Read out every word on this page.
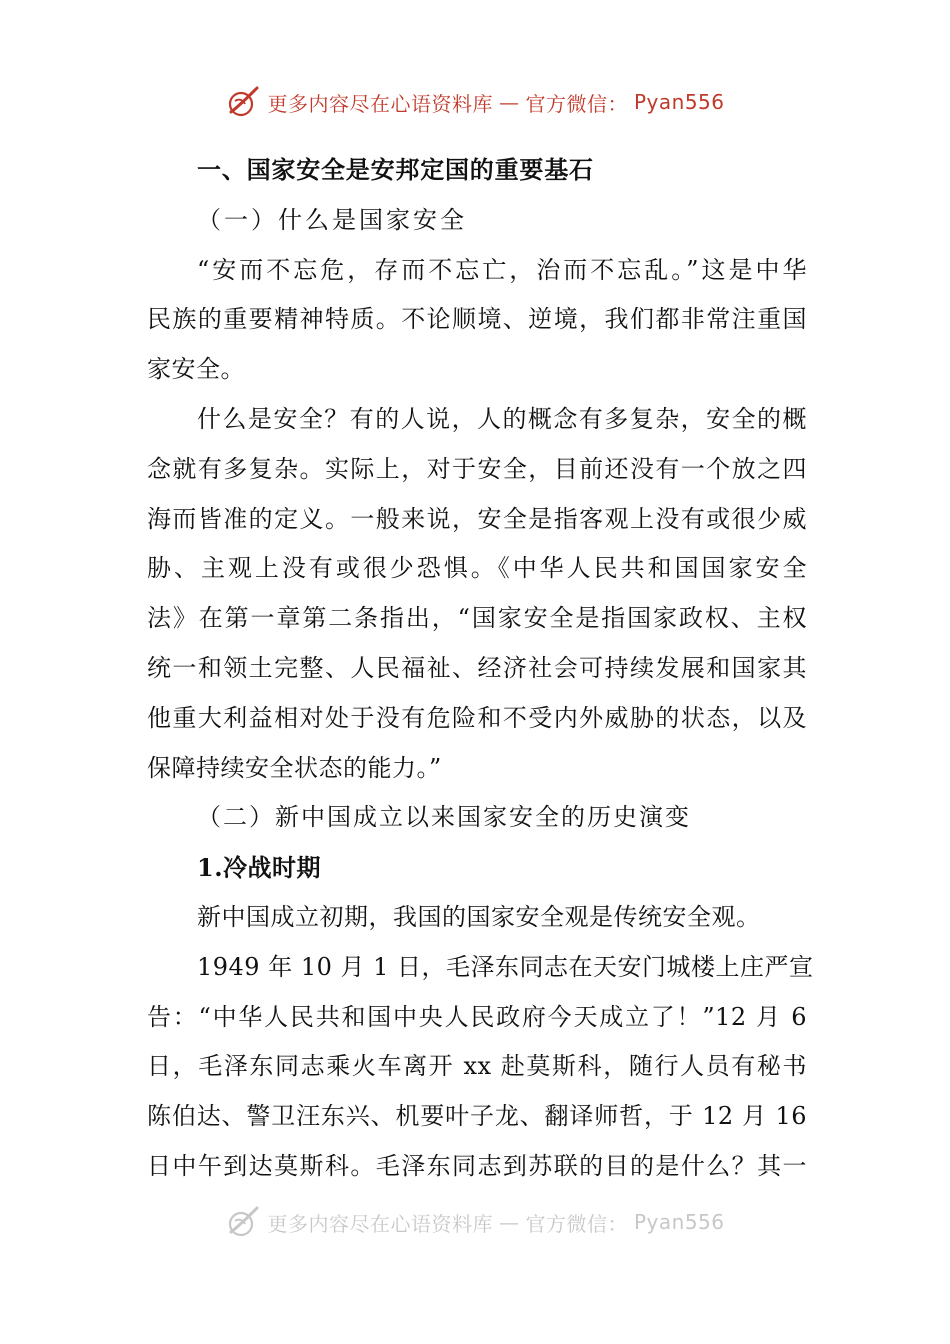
更多内容尽在心语资料库 — 官方微信： Pyan556
一、国家安全是安邦定国的重要基石
（一）什么是国家安全
“安而不忘危，存而不忘亡，治而不忘乱。”这是中华
民族的重要精神特质。不论顺境、逆境，我们都非常注重国
家安全。
什么是安全？有的人说，人的概念有多复杂，安全的概
念就有多复杂。实际上，对于安全，目前还没有一个放之四
海而皆准的定义。一般来说，安全是指客观上没有或很少威
胁、主观上没有或很少恐惧。《中华人民共和国国家安全
法》在第一章第二条指出，“国家安全是指国家政权、主权
统一和领土完整、人民福祉、经济社会可持续发展和国家其
他重大利益相对处于没有危险和不受内外威胁的状态，以及
保障持续安全状态的能力。”
（二）新中国成立以来国家安全的历史演变
1.冷战时期
新中国成立初期，我国的国家安全观是传统安全观。
1949 年 10 月 1 日，毛泽东同志在天安门城楼上庄严宣
告：“中华人民共和国中央人民政府今天成立了！”12 月 6
日，毛泽东同志乘火车离开 xx 赴莫斯科，随行人员有秘书
陈伯达、警卫汪东兴、机要叶子龙、翻译师哲，于 12 月 16
日中午到达莫斯科。毛泽东同志到苏联的目的是什么？其一
更多内容尽在心语资料库 — 官方微信： Pyan556
